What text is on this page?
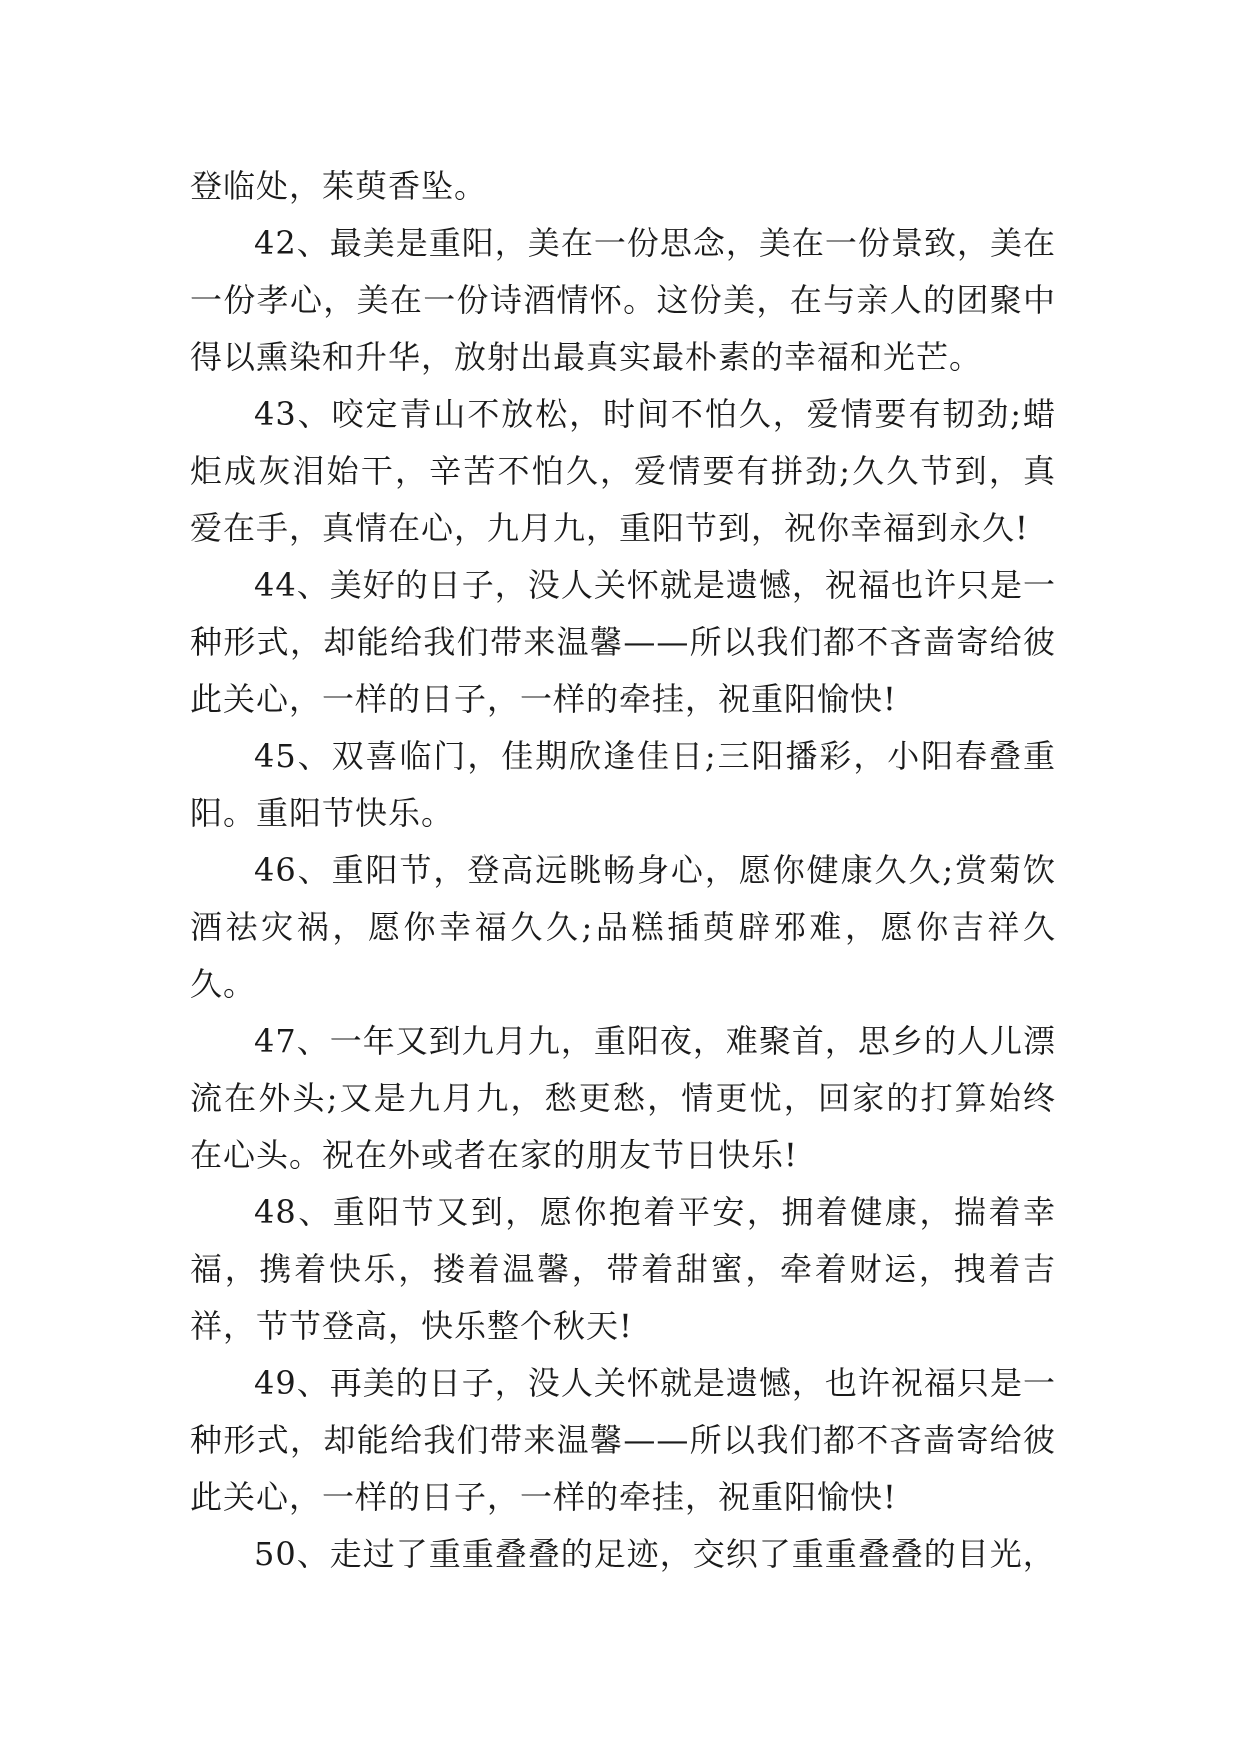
登临处，茱萸香坠。

42、最美是重阳，美在一份思念，美在一份景致，美在一份孝心，美在一份诗酒情怀。这份美，在与亲人的团聚中得以熏染和升华，放射出最真实最朴素的幸福和光芒。

43、咬定青山不放松，时间不怕久，爱情要有韧劲;蜡炬成灰泪始干，辛苦不怕久，爱情要有拼劲;久久节到，真爱在手，真情在心，九月九，重阳节到，祝你幸福到永久!

44、美好的日子，没人关怀就是遗憾，祝福也许只是一种形式，却能给我们带来温馨——所以我们都不吝啬寄给彼此关心，一样的日子，一样的牵挂，祝重阳愉快!

45、双喜临门，佳期欣逢佳日;三阳播彩，小阳春叠重阳。重阳节快乐。

46、重阳节，登高远眺畅身心，愿你健康久久;赏菊饮酒祛灾祸，愿你幸福久久;品糕插萸辟邪难，愿你吉祥久久。

47、一年又到九月九，重阳夜，难聚首，思乡的人儿漂流在外头;又是九月九，愁更愁，情更忧，回家的打算始终在心头。祝在外或者在家的朋友节日快乐!

48、重阳节又到，愿你抱着平安，拥着健康，揣着幸福，携着快乐，搂着温馨，带着甜蜜，牵着财运，拽着吉祥，节节登高，快乐整个秋天!

49、再美的日子，没人关怀就是遗憾，也许祝福只是一种形式，却能给我们带来温馨——所以我们都不吝啬寄给彼此关心，一样的日子，一样的牵挂，祝重阳愉快!

50、走过了重重叠叠的足迹，交织了重重叠叠的目光，
